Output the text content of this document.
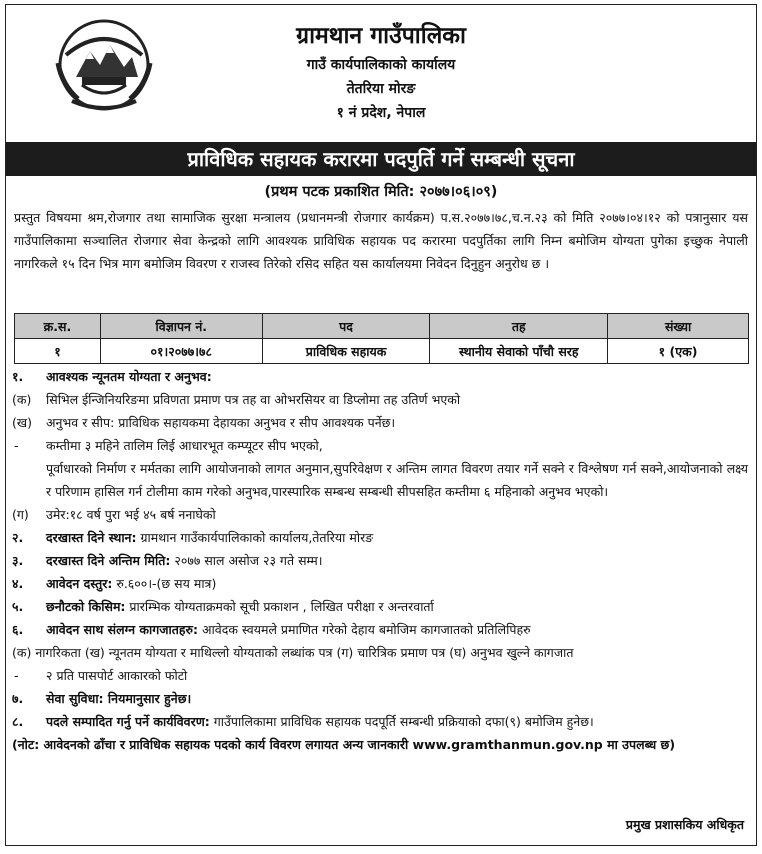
ग्रामथान गाउँपालिका
गाउँ कार्यपालिकाको कार्यालय
तेतरिया मोरङ
१ नं प्रदेश, नेपाल
प्राविधिक सहायक करारमा पदपुर्ति गर्ने सम्बन्धी सूचना
(प्रथम पटक प्रकाशित मिति: २०७७।०६।०९)
प्रस्तुत विषयमा श्रम,रोजगार तथा सामाजिक सुरक्षा मन्त्रालय (प्रधानमन्त्री रोजगार कार्यक्रम) प.स.२०७७।७८,च.न.२३ को मिति २०७७।०४।१२ को पत्रानुसार यस गाउँपालिकामा सञ्चालित रोजगार सेवा केन्द्रको लागि आवश्यक प्राविधिक सहायक पद करारमा पदपुर्तिका लागि निम्न बमोजिम योग्यता पुगेका इच्छुक नेपाली नागरिकले १५ दिन भित्र माग बमोजिम विवरण र राजस्व तिरेको रसिद सहित यस कार्यालयमा निवेदन दिनुहुन अनुरोध छ ।
क्र.स.	विज्ञापन नं.	पद	तह	संख्या
१	०१।२०७७।७८	प्राविधिक सहायक	स्थानीय सेवाको पाँचौ सरह	१ (एक)
१. आवश्यक न्यूनतम योग्यता र अनुभव:
(क) सिभिल ईन्जिनियरिङमा प्रविणता प्रमाण पत्र तह वा ओभरसियर वा डिप्लोमा तह उतिर्ण भएको
(ख) अनुभव र सीप: प्राविधिक सहायकमा देहायका अनुभव र सीप आवश्यक पर्नेछ।
- कम्तीमा ३ महिने तालिम लिई आधारभूत कम्प्यूटर सीप भएको,
पूर्वाधारको निर्माण र मर्मतका लागि आयोजनाको लागत अनुमान,सुपरिवेक्षण र अन्तिम लागत विवरण तयार गर्ने सक्ने र विश्लेषण गर्न सक्ने,आयोजनाको लक्ष्य र परिणाम हासिल गर्न टोलीमा काम गरेको अनुभव,पारस्पारिक सम्बन्ध सम्बन्धी सीपसहित कम्तीमा ६ महिनाको अनुभव भएको।
(ग) उमेर:१८ वर्ष पुरा भई ४५ बर्ष ननाघेको
२. दरखास्त दिने स्थान: ग्रामथान गाउँकार्यपालिकाको कार्यालय,तेतरिया मोरङ
३. दरखास्त दिने अन्तिम मिति: २०७७ साल असोज २३ गते सम्म।
४. आवेदन दस्तुर: रु.६००।-(छ सय मात्र)
५. छनौटको किसिम: प्रारम्भिक योग्यताक्रमको सूची प्रकाशन , लिखित परीक्षा र अन्तरवार्ता
६. आवेदन साथ संलग्न कागजातहरु: आवेदक स्वयमले प्रमाणित गरेको देहाय बमोजिम कागजातको प्रतिलिपिहरु
(क) नागरिकता (ख) न्यूनतम योग्यता र माथिल्लो योग्यताको लब्धांक पत्र (ग) चारित्रिक प्रमाण पत्र (घ) अनुभव खुल्ने कागजात
- २ प्रति पासपोर्ट आकारको फोटो
७. सेवा सुविधा: नियमानुसार हुनेछ।
८. पदले सम्पादित गर्नु पर्ने कार्यविवरण: गाउँपालिकामा प्राविधिक सहायक पदपूर्ति सम्बन्धी प्रक्रियाको दफा(९) बमोजिम हुनेछ।
(नोट: आवेदनको ढाँचा र प्राविधिक सहायक पदको कार्य विवरण लगायत अन्य जानकारी www.gramthanmun.gov.np मा उपलब्ध छ)
प्रमुख प्रशासकिय अधिकृत
